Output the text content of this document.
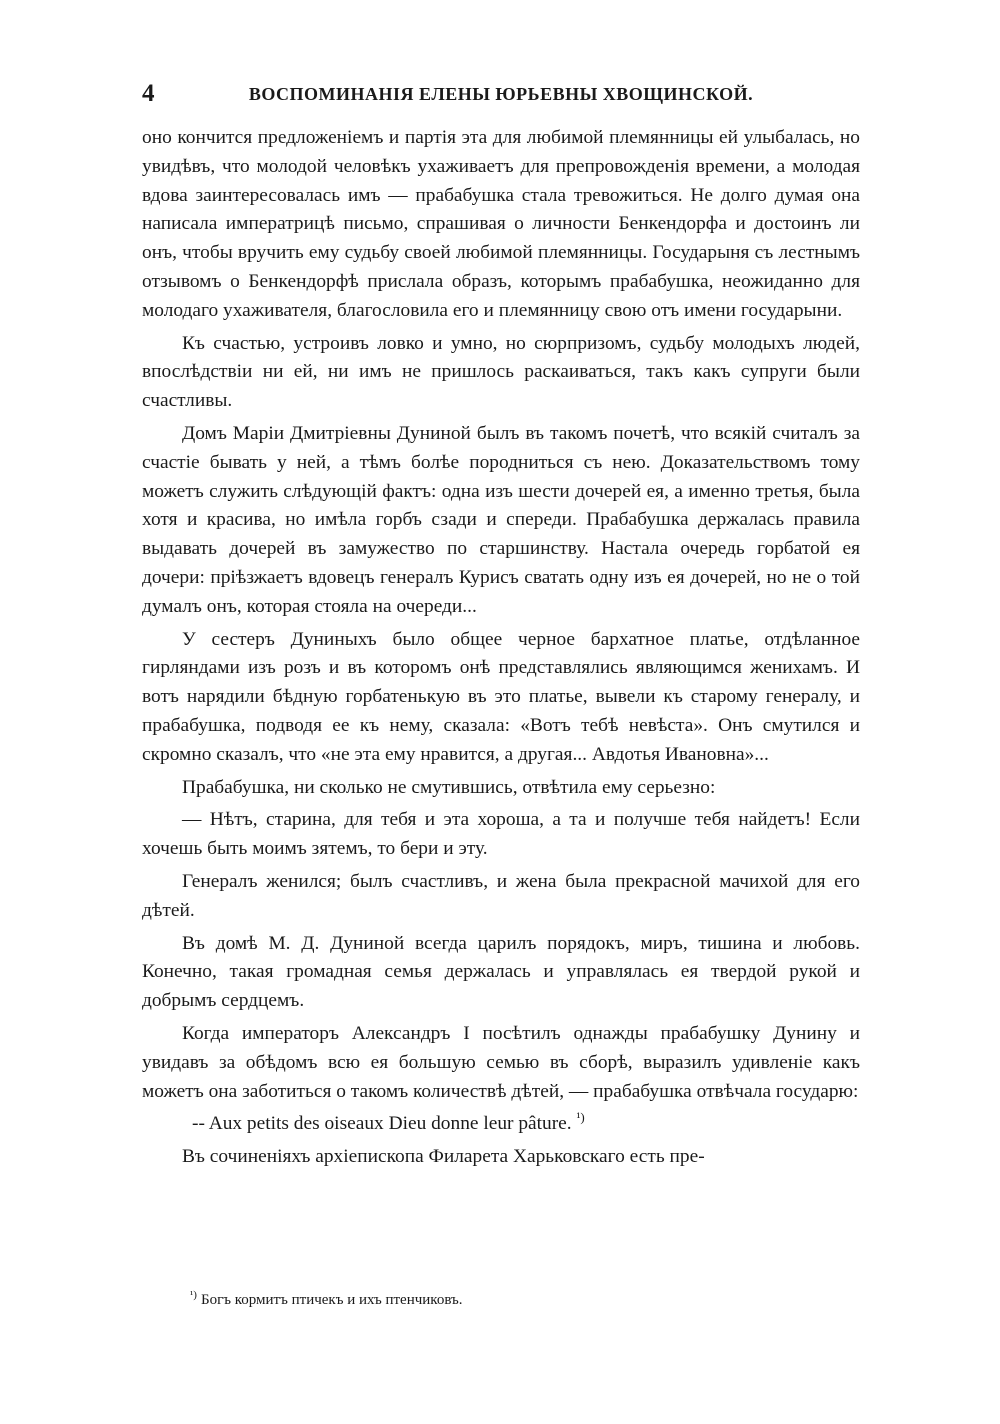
4	ВОСПОМИНАНІЯ ЕЛЕНЫ ЮРЬЕВНЫ ХВОЩИНСКОЙ.

оно кончится предложеніемъ и партія эта для любимой племянницы ей улыбалась, но увидѣвъ, что молодой человѣкъ ухаживаетъ для препровожденія времени, а молодая вдова заинтересовалась имъ — прабабушка стала тревожиться. Не долго думая она написала императрицѣ письмо, спрашивая о личности Бенкендорфа и достоинъ ли онъ, чтобы вручить ему судьбу своей любимой племянницы. Государыня съ лестнымъ отзывомъ о Бенкендорфѣ прислала образъ, которымъ прабабушка, неожиданно для молодаго ухаживателя, благословила его и племянницу свою отъ имени государыни.

Къ счастью, устроивъ ловко и умно, но сюрпризомъ, судьбу молодыхъ людей, впослѣдствіи ни ей, ни имъ не пришлось раскаиваться, такъ какъ супруги были счастливы.

Домъ Маріи Дмитріевны Дуниной былъ въ такомъ почетѣ, что всякій считалъ за счастіе бывать у ней, а тѣмъ болѣе породниться съ нею. Доказательствомъ тому можетъ служить слѣдующій фактъ: одна изъ шести дочерей ея, а именно третья, была хотя и красива, но имѣла горбъ сзади и спереди. Прабабушка держалась правила выдавать дочерей въ замужество по старшинству. Настала очередь горбатой ея дочери: пріѣзжаетъ вдовецъ генералъ Курисъ сватать одну изъ ея дочерей, но не о той думалъ онъ, которая стояла на очереди...

У сестеръ Дуниныхъ было общее черное бархатное платье, отдѣланное гирляндами изъ розъ и въ которомъ онѣ представлялись являющимся женихамъ. И вотъ нарядили бѣдную горбатенькую въ это платье, вывели къ старому генералу, и прабабушка, подводя ее къ нему, сказала: «Вотъ тебѣ невѣста». Онъ смутился и скромно сказалъ, что «не эта ему нравится, а другая... Авдотья Ивановна»...

Прабабушка, ни сколько не смутившись, отвѣтила ему серьезно:

— Нѣтъ, старина, для тебя и эта хороша, а та и получше тебя найдетъ! Если хочешь быть моимъ зятемъ, то бери и эту.

Генералъ женился; былъ счастливъ, и жена была прекрасной мачихой для его дѣтей.

Въ домѣ М. Д. Дуниной всегда царилъ порядокъ, миръ, тишина и любовь. Конечно, такая громадная семья держалась и управлялась ея твердой рукой и добрымъ сердцемъ.

Когда императоръ Александръ I посѣтилъ однажды прабабушку Дунину и увидавъ за обѣдомъ всю ея большую семью въ сборѣ, выразилъ удивленіе какъ можетъ она заботиться о такомъ количествѣ дѣтей, — прабабушка отвѣчала государю:

-- Aux petits des oiseaux Dieu donne leur pâture. $^{^1)}$

Въ сочиненіяхъ архіепископа Филарета Харьковскаго есть пре-

$^{^1)}$ Богъ кормитъ птичекъ и ихъ птенчиковъ.
